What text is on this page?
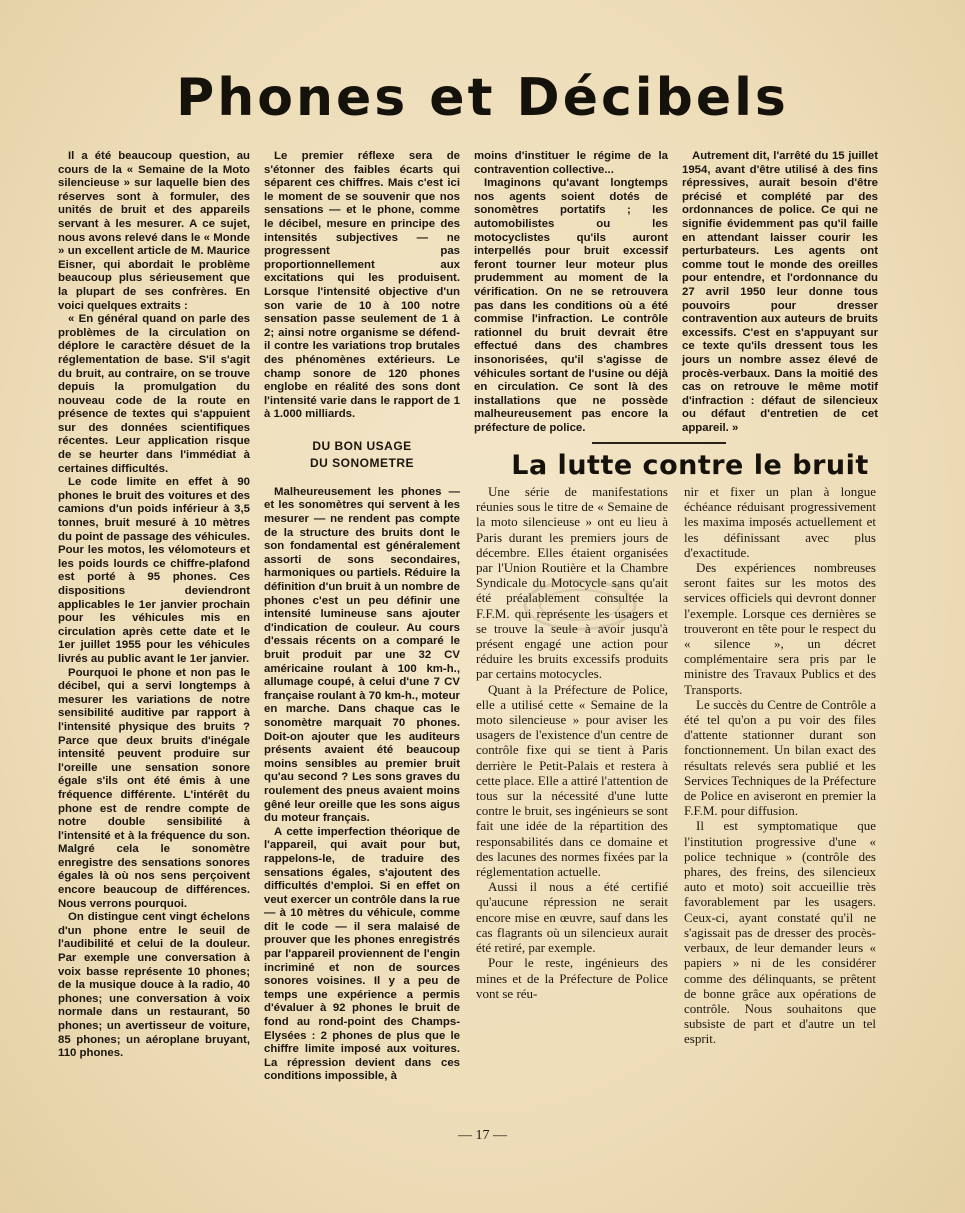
Phones et Décibels

Il a été beaucoup question, au cours de la « Semaine de la Moto silencieuse » sur laquelle bien des réserves sont à formuler, des unités de bruit et des appareils servant à les mesurer. A ce sujet, nous avons relevé dans le « Monde » un excellent article de M. Maurice Eisner, qui abordait le problème beaucoup plus sérieusement que la plupart de ses confrères. En voici quelques extraits :

« En général quand on parle des problèmes de la circulation on déplore le caractère désuet de la réglementation de base. S'il s'agit du bruit, au contraire, on se trouve depuis la promulgation du nouveau code de la route en présence de textes qui s'appuient sur des données scientifiques récentes. Leur application risque de se heurter dans l'immédiat à certaines difficultés.

Le code limite en effet à 90 phones le bruit des voitures et des camions d'un poids inférieur à 3,5 tonnes, bruit mesuré à 10 mètres du point de passage des véhicules. Pour les motos, les vélomoteurs et les poids lourds ce chiffre-plafond est porté à 95 phones. Ces dispositions deviendront applicables le 1er janvier prochain pour les véhicules mis en circulation après cette date et le 1er juillet 1955 pour les véhicules livrés au public avant le 1er janvier.

Pourquoi le phone et non pas le décibel, qui a servi longtemps à mesurer les variations de notre sensibilité auditive par rapport à l'intensité physique des bruits ? Parce que deux bruits d'inégale intensité peuvent produire sur l'oreille une sensation sonore égale s'ils ont été émis à une fréquence différente. L'intérêt du phone est de rendre compte de notre double sensibilité à l'intensité et à la fréquence du son. Malgré cela le sonomètre enregistre des sensations sonores égales là où nos sens perçoivent encore beaucoup de différences. Nous verrons pourquoi.

On distingue cent vingt échelons d'un phone entre le seuil de l'audibilité et celui de la douleur. Par exemple une conversation à voix basse représente 10 phones; de la musique douce à la radio, 40 phones; une conversation à voix normale dans un restaurant, 50 phones; un avertisseur de voiture, 85 phones; un aéroplane bruyant, 110 phones.

Le premier réflexe sera de s'étonner des faibles écarts qui séparent ces chiffres. Mais c'est ici le moment de se souvenir que nos sensations — et le phone, comme le décibel, mesure en principe des intensités subjectives — ne progressent pas proportionnellement aux excitations qui les produisent. Lorsque l'intensité objective d'un son varie de 10 à 100 notre sensation passe seulement de 1 à 2; ainsi notre organisme se défend-il contre les variations trop brutales des phénomènes extérieurs. Le champ sonore de 120 phones englobe en réalité des sons dont l'intensité varie dans le rapport de 1 à 1.000 milliards.

DU BON USAGE
DU SONOMETRE

Malheureusement les phones — et les sonomètres qui servent à les mesurer — ne rendent pas compte de la structure des bruits dont le son fondamental est généralement assorti de sons secondaires, harmoniques ou partiels. Réduire la définition d'un bruit à un nombre de phones c'est un peu définir une intensité lumineuse sans ajouter d'indication de couleur. Au cours d'essais récents on a comparé le bruit produit par une 32 CV américaine roulant à 100 km-h., allumage coupé, à celui d'une 7 CV française roulant à 70 km-h., moteur en marche. Dans chaque cas le sonomètre marquait 70 phones. Doit-on ajouter que les auditeurs présents avaient été beaucoup moins sensibles au premier bruit qu'au second ? Les sons graves du roulement des pneus avaient moins gêné leur oreille que les sons aigus du moteur français.

A cette imperfection théorique de l'appareil, qui avait pour but, rappelons-le, de traduire des sensations égales, s'ajoutent des difficultés d'emploi. Si en effet on veut exercer un contrôle dans la rue — à 10 mètres du véhicule, comme dit le code — il sera malaisé de prouver que les phones enregistrés par l'appareil proviennent de l'engin incriminé et non de sources sonores voisines. Il y a peu de temps une expérience a permis d'évaluer à 92 phones le bruit de fond au rond-point des Champs-Elysées : 2 phones de plus que le chiffre limite imposé aux voitures. La répression devient dans ces conditions impossible, à

moins d'instituer le régime de la contravention collective...

Imaginons qu'avant longtemps nos agents soient dotés de sonomètres portatifs ; les automobilistes ou les motocyclistes qu'ils auront interpellés pour bruit excessif feront tourner leur moteur plus prudemment au moment de la vérification. On ne se retrouvera pas dans les conditions où a été commise l'infraction. Le contrôle rationnel du bruit devrait être effectué dans des chambres insonorisées, qu'il s'agisse de véhicules sortant de l'usine ou déjà en circulation. Ce sont là des installations que ne possède malheureusement pas encore la préfecture de police.

Autrement dit, l'arrêté du 15 juillet 1954, avant d'être utilisé à des fins répressives, aurait besoin d'être précisé et complété par des ordonnances de police. Ce qui ne signifie évidemment pas qu'il faille en attendant laisser courir les perturbateurs. Les agents ont comme tout le monde des oreilles pour entendre, et l'ordonnance du 27 avril 1950 leur donne tous pouvoirs pour dresser contravention aux auteurs de bruits excessifs. C'est en s'appuyant sur ce texte qu'ils dressent tous les jours un nombre assez élevé de procès-verbaux. Dans la moitié des cas on retrouve le même motif d'infraction : défaut de silencieux ou défaut d'entretien de cet appareil. »

La lutte contre le bruit

Une série de manifestations réunies sous le titre de « Semaine de la moto silencieuse » ont eu lieu à Paris durant les premiers jours de décembre. Elles étaient organisées par l'Union Routière et la Chambre Syndicale du Motocycle sans qu'ait été préalablement consultée la F.F.M. qui représente les usagers et se trouve la seule à avoir jusqu'à présent engagé une action pour réduire les bruits excessifs produits par certains motocycles.

Quant à la Préfecture de Police, elle a utilisé cette « Semaine de la moto silencieuse » pour aviser les usagers de l'existence d'un centre de contrôle fixe qui se tient à Paris derrière le Petit-Palais et restera à cette place. Elle a attiré l'attention de tous sur la nécessité d'une lutte contre le bruit, ses ingénieurs se sont fait une idée de la répartition des responsabilités dans ce domaine et des lacunes des normes fixées par la réglementation actuelle.

Aussi il nous a été certifié qu'aucune répression ne serait encore mise en œuvre, sauf dans les cas flagrants où un silencieux aurait été retiré, par exemple.

Pour le reste, ingénieurs des mines et de la Préfecture de Police vont se réu-

nir et fixer un plan à longue échéance réduisant progressivement les maxima imposés actuellement et les définissant avec plus d'exactitude.

Des expériences nombreuses seront faites sur les motos des services officiels qui devront donner l'exemple. Lorsque ces dernières se trouveront en tête pour le respect du « silence », un décret complémentaire sera pris par le ministre des Travaux Publics et des Transports.

Le succès du Centre de Contrôle a été tel qu'on a pu voir des files d'attente stationner durant son fonctionnement. Un bilan exact des résultats relevés sera publié et les Services Techniques de la Préfecture de Police en aviseront en premier la F.F.M. pour diffusion.

Il est symptomatique que l'institution progressive d'une « police technique » (contrôle des phares, des freins, des silencieux auto et moto) soit accueillie très favorablement par les usagers. Ceux-ci, ayant constaté qu'il ne s'agissait pas de dresser des procès-verbaux, de leur demander leurs « papiers » ni de les considérer comme des délinquants, se prêtent de bonne grâce aux opérations de contrôle. Nous souhaitons que subsiste de part et d'autre un tel esprit.

— 17 —
